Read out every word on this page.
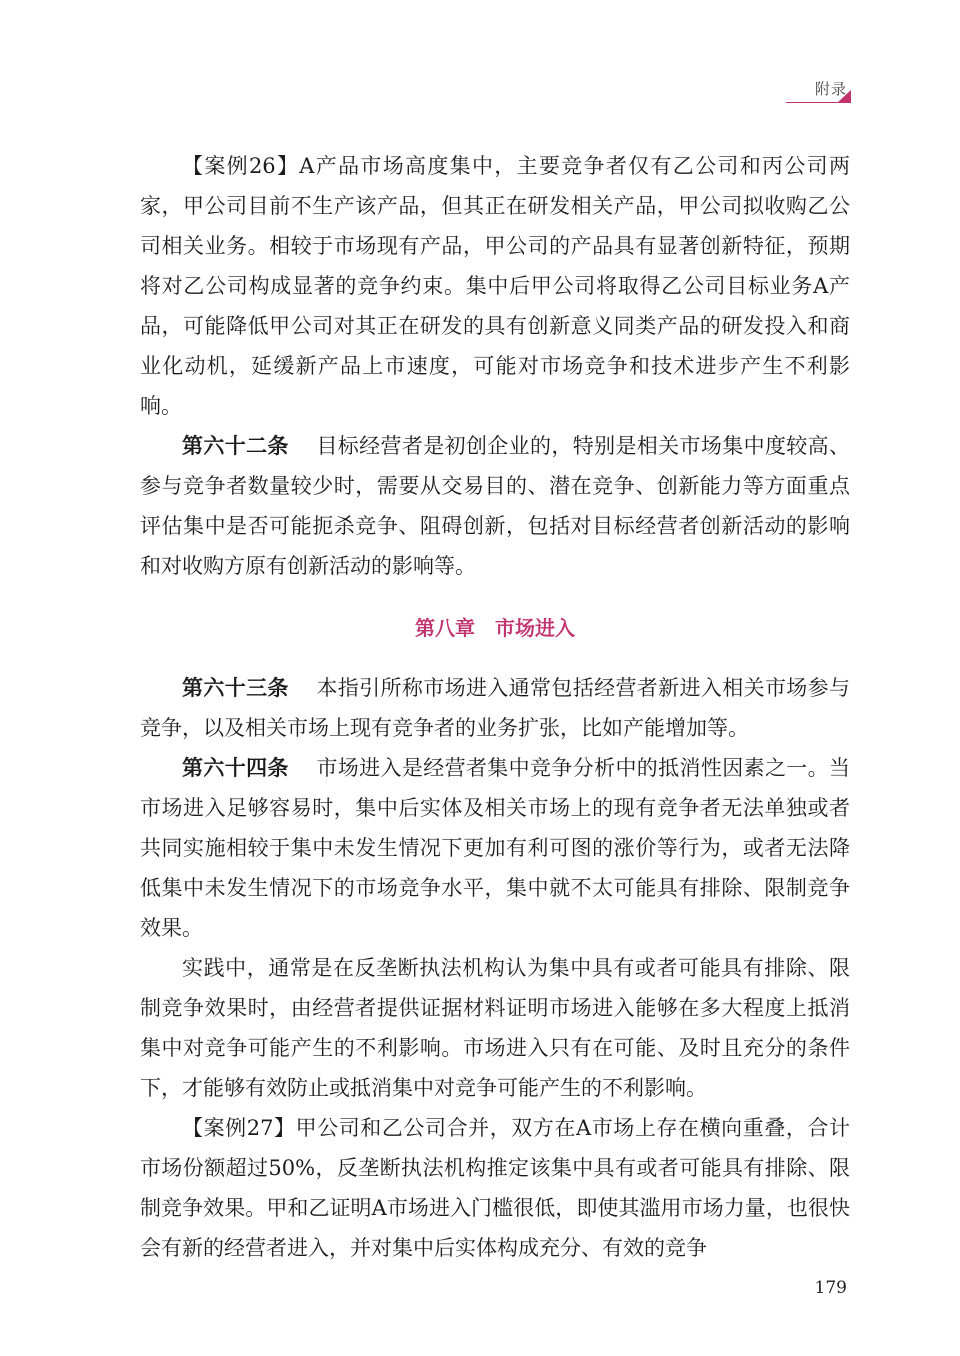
附录

【案例26】A产品市场高度集中，主要竞争者仅有乙公司和丙公司两家，甲公司目前不生产该产品，但其正在研发相关产品，甲公司拟收购乙公司相关业务。相较于市场现有产品，甲公司的产品具有显著创新特征，预期将对乙公司构成显著的竞争约束。集中后甲公司将取得乙公司目标业务A产品，可能降低甲公司对其正在研发的具有创新意义同类产品的研发投入和商业化动机，延缓新产品上市速度，可能对市场竞争和技术进步产生不利影响。

第六十二条 目标经营者是初创企业的，特别是相关市场集中度较高、参与竞争者数量较少时，需要从交易目的、潜在竞争、创新能力等方面重点评估集中是否可能扼杀竞争、阻碍创新，包括对目标经营者创新活动的影响和对收购方原有创新活动的影响等。

第八章　市场进入

第六十三条 本指引所称市场进入通常包括经营者新进入相关市场参与竞争，以及相关市场上现有竞争者的业务扩张，比如产能增加等。

第六十四条 市场进入是经营者集中竞争分析中的抵消性因素之一。当市场进入足够容易时，集中后实体及相关市场上的现有竞争者无法单独或者共同实施相较于集中未发生情况下更加有利可图的涨价等行为，或者无法降低集中未发生情况下的市场竞争水平，集中就不太可能具有排除、限制竞争效果。

实践中，通常是在反垄断执法机构认为集中具有或者可能具有排除、限制竞争效果时，由经营者提供证据材料证明市场进入能够在多大程度上抵消集中对竞争可能产生的不利影响。市场进入只有在可能、及时且充分的条件下，才能够有效防止或抵消集中对竞争可能产生的不利影响。

【案例27】甲公司和乙公司合并，双方在A市场上存在横向重叠，合计市场份额超过50%，反垄断执法机构推定该集中具有或者可能具有排除、限制竞争效果。甲和乙证明A市场进入门槛很低，即使其滥用市场力量，也很快会有新的经营者进入，并对集中后实体构成充分、有效的竞争

179
